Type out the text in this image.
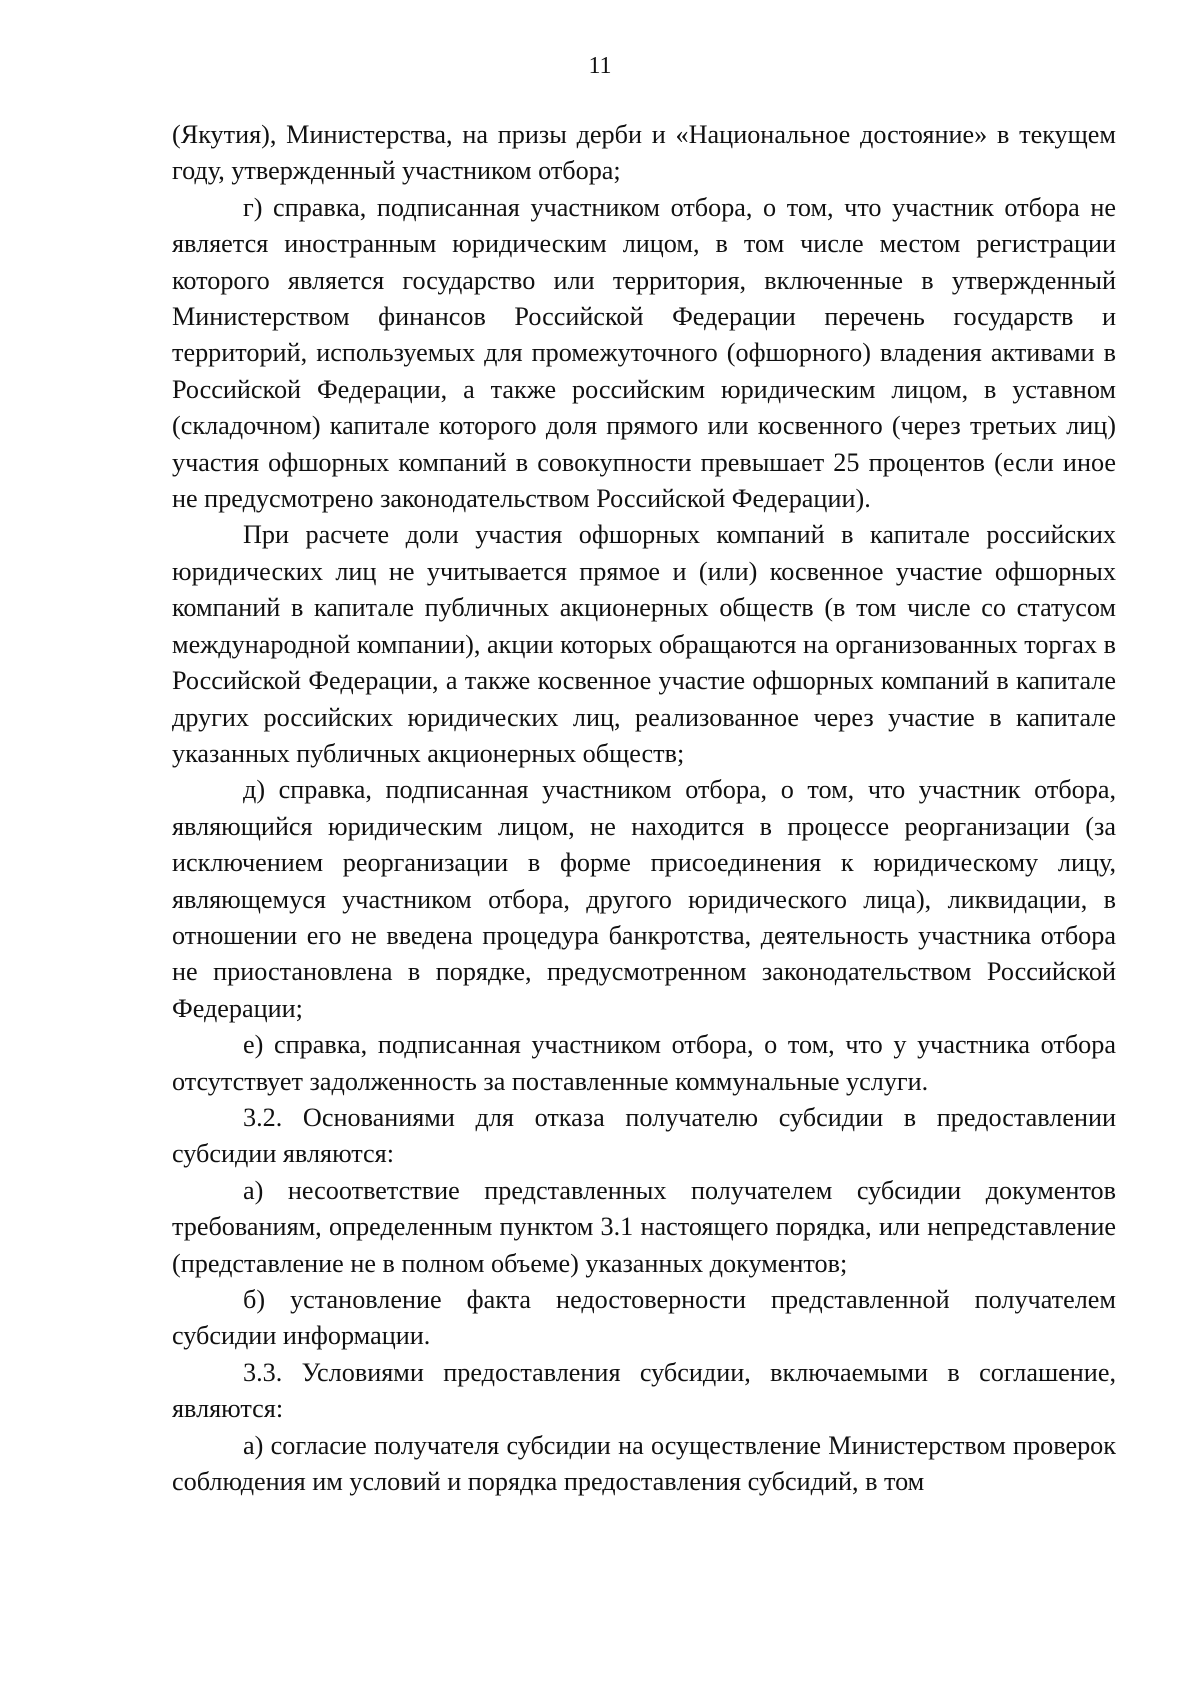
11

(Якутия), Министерства, на призы дерби и «Национальное достояние» в текущем году, утвержденный участником отбора;

г) справка, подписанная участником отбора, о том, что участник отбора не является иностранным юридическим лицом, в том числе местом регистрации которого является государство или территория, включенные в утвержденный Министерством финансов Российской Федерации перечень государств и территорий, используемых для промежуточного (офшорного) владения активами в Российской Федерации, а также российским юридическим лицом, в уставном (складочном) капитале которого доля прямого или косвенного (через третьих лиц) участия офшорных компаний в совокупности превышает 25 процентов (если иное не предусмотрено законодательством Российской Федерации).

При расчете доли участия офшорных компаний в капитале российских юридических лиц не учитывается прямое и (или) косвенное участие офшорных компаний в капитале публичных акционерных обществ (в том числе со статусом международной компании), акции которых обращаются на организованных торгах в Российской Федерации, а также косвенное участие офшорных компаний в капитале других российских юридических лиц, реализованное через участие в капитале указанных публичных акционерных обществ;

д) справка, подписанная участником отбора, о том, что участник отбора, являющийся юридическим лицом, не находится в процессе реорганизации (за исключением реорганизации в форме присоединения к юридическому лицу, являющемуся участником отбора, другого юридического лица), ликвидации, в отношении его не введена процедура банкротства, деятельность участника отбора не приостановлена в порядке, предусмотренном законодательством Российской Федерации;

е) справка, подписанная участником отбора, о том, что у участника отбора отсутствует задолженность за поставленные коммунальные услуги.

3.2. Основаниями для отказа получателю субсидии в предоставлении субсидии являются:

а) несоответствие представленных получателем субсидии документов требованиям, определенным пунктом 3.1 настоящего порядка, или непредставление (представление не в полном объеме) указанных документов;

б) установление факта недостоверности представленной получателем субсидии информации.

3.3. Условиями предоставления субсидии, включаемыми в соглашение, являются:

а) согласие получателя субсидии на осуществление Министерством проверок соблюдения им условий и порядка предоставления субсидий, в том
